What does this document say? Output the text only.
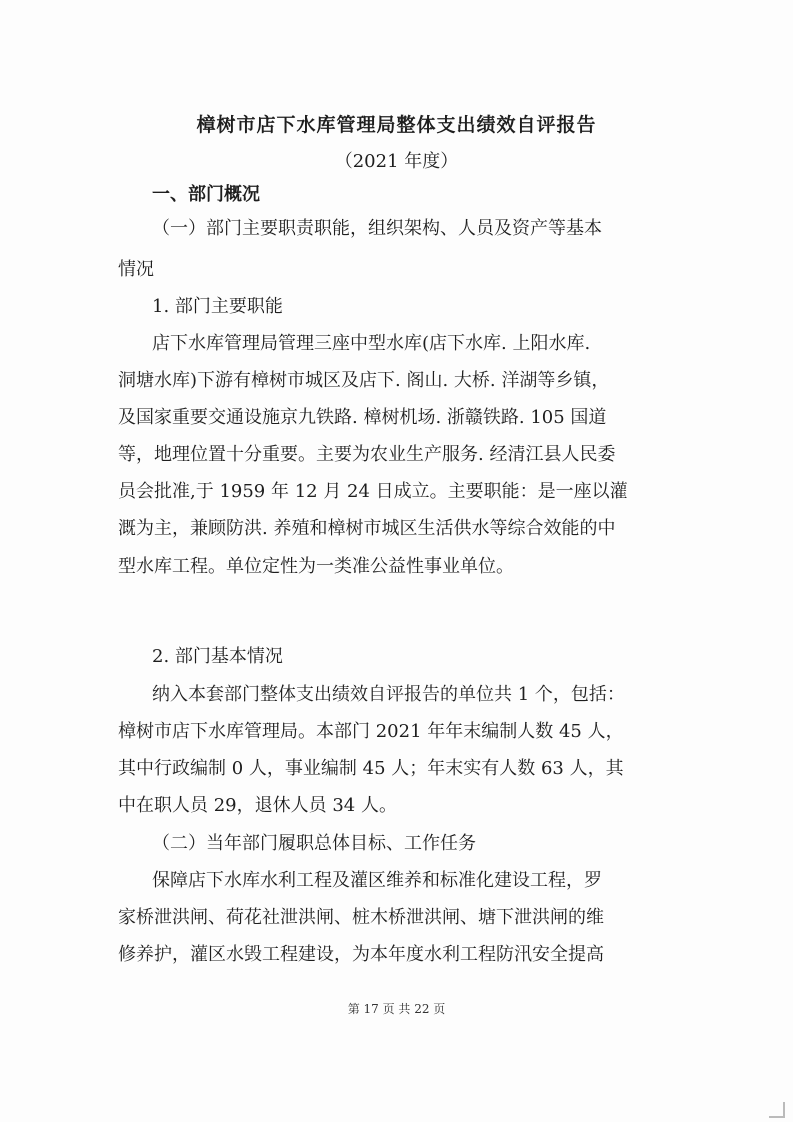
樟树市店下水库管理局整体支出绩效自评报告
（2021 年度）
一、部门概况
（一）部门主要职责职能，组织架构、人员及资产等基本
情况
1. 部门主要职能
店下水库管理局管理三座中型水库(店下水库. 上阳水库.
洞塘水库)下游有樟树市城区及店下. 阁山. 大桥. 洋湖等乡镇，
及国家重要交通设施京九铁路. 樟树机场. 浙赣铁路. 105 国道
等，地理位置十分重要。主要为农业生产服务. 经清江县人民委
员会批准,于 1959 年 12 月 24 日成立。主要职能：是一座以灌
溉为主，兼顾防洪. 养殖和樟树市城区生活供水等综合效能的中
型水库工程。单位定性为一类准公益性事业单位。
2. 部门基本情况
纳入本套部门整体支出绩效自评报告的单位共 1 个，包括：
樟树市店下水库管理局。本部门 2021 年年末编制人数 45 人，
其中行政编制 0 人，事业编制 45 人；年末实有人数 63 人，其
中在职人员 29，退休人员 34 人。
（二）当年部门履职总体目标、工作任务
保障店下水库水利工程及灌区维养和标准化建设工程，罗
家桥泄洪闸、荷花社泄洪闸、桩木桥泄洪闸、塘下泄洪闸的维
修养护，灌区水毁工程建设，为本年度水利工程防汛安全提高
第 17 页 共 22 页
